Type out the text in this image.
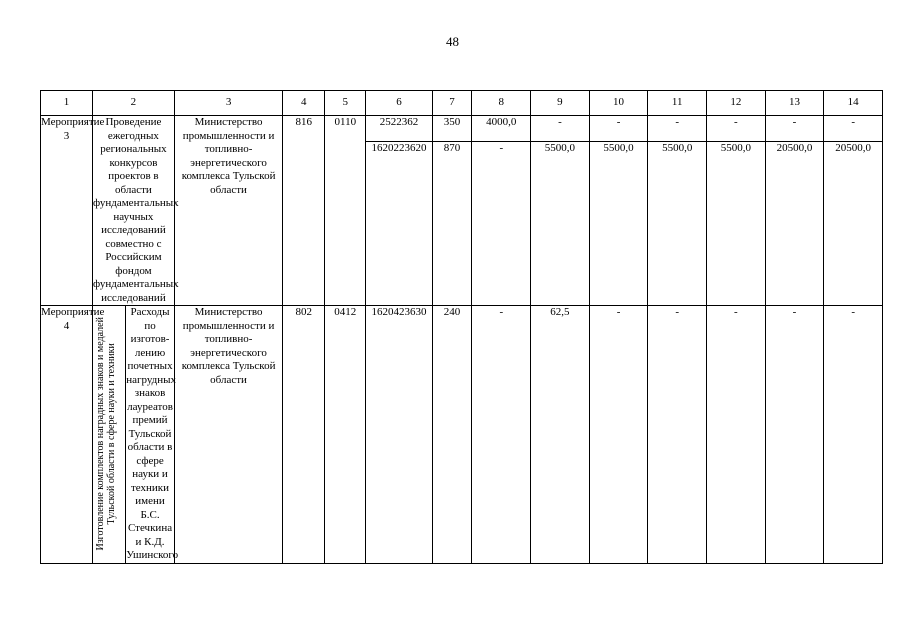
48
1	2		3	4	5	6	7	8	9	10	11	12	13	14
Мероприятие 3	Проведение ежегодных региональных конкурсов проектов в области фундаментальных научных исследований совместно с Российским фондом фундаментальных исследований		Министерство промышленности и топливно-энергетического комплекса Тульской области	816	0110	2522362	350	4000,0	-	-	-	-	-	-
						1620223620	870	-	5500,0	5500,0	5500,0	5500,0	20500,0	20500,0
Мероприятие 4	Изготовление комплектов наградных знаков и медалей Тульской области в сфере науки и техники	Расходы по изготов-лению почетных нагрудных знаков лауреатов премий Тульской области в сфере науки и техники имени Б.С. Стечкина и К.Д. Ушинского	Министерство промышленности и топливно-энергетического комплекса Тульской области	802	0412	1620423630	240	-	62,5	-	-	-	-	-
